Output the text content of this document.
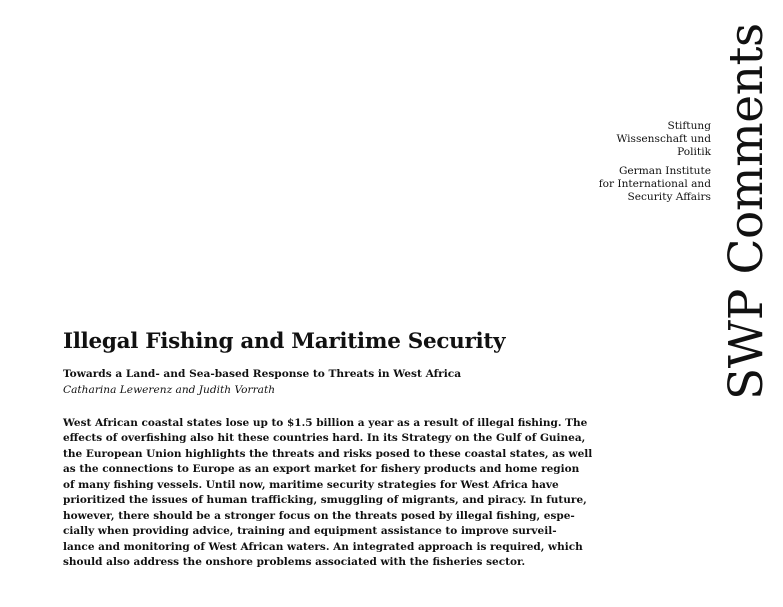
SWP Comments
Stiftung
Wissenschaft und
Politik
German Institute
for International and
Security Affairs
Illegal Fishing and Maritime Security

Towards a Land- and Sea-based Response to Threats in West Africa

Catharina Lewerenz and Judith Vorrath

West African coastal states lose up to $1.5 billion a year as a result of illegal fishing. The
effects of overfishing also hit these countries hard. In its Strategy on the Gulf of Guinea,
the European Union highlights the threats and risks posed to these coastal states, as well
as the connections to Europe as an export market for fishery products and home region
of many fishing vessels. Until now, maritime security strategies for West Africa have
prioritized the issues of human trafficking, smuggling of migrants, and piracy. In future,
however, there should be a stronger focus on the threats posed by illegal fishing, espe-
cially when providing advice, training and equipment assistance to improve surveil-
lance and monitoring of West African waters. An integrated approach is required, which
should also address the onshore problems associated with the fisheries sector.
